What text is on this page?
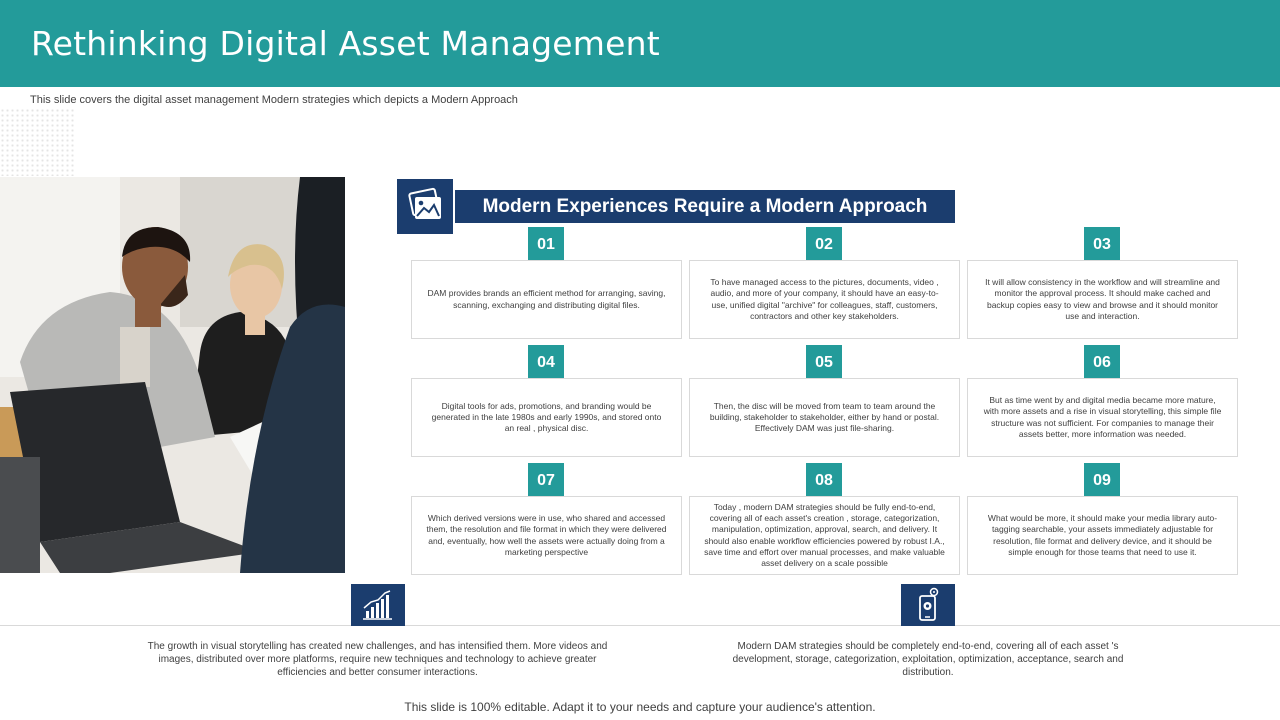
Rethinking Digital Asset Management
This slide covers the digital asset management Modern strategies which depicts a Modern Approach
Modern Experiences Require a Modern Approach
01
DAM provides brands an efficient method for arranging, saving, scanning, exchanging and distributing digital files.
02
To have managed access to the pictures, documents, video , audio, and more of your company, it should have an easy-to-use, unified digital "archive" for colleagues, staff, customers, contractors and other key stakeholders.
03
It will allow consistency in the workflow and will streamline and monitor the approval process. It should make cached and backup copies easy to view and browse and it should monitor use and interaction.
04
Digital tools for ads, promotions, and branding would be generated in the late 1980s and early 1990s, and stored onto an real , physical disc.
05
Then, the disc will be moved from team to team around the building, stakeholder to stakeholder, either by hand or postal. Effectively DAM was just file-sharing.
06
But as time went by and digital media became more mature, with more assets and a rise in visual storytelling, this simple file structure was not sufficient. For companies to manage their assets better, more information was needed.
07
Which derived versions were in use, who shared and accessed them, the resolution and file format in which they were delivered and, eventually, how well the assets were actually doing from a marketing perspective
08
Today , modern DAM strategies should be fully end-to-end, covering all of each asset's creation , storage, categorization, manipulation, optimization, approval, search, and delivery. It should also enable workflow efficiencies powered by robust I.A., save time and effort over manual processes, and make valuable asset delivery on a scale possible
09
What would be more, it should make your media library auto-tagging searchable, your assets immediately adjustable for resolution, file format and delivery device, and it should be simple enough for those teams that need to use it.
The growth in visual storytelling has created new challenges, and has intensified them. More videos and images, distributed over more platforms, require new techniques and technology to achieve greater efficiencies and better consumer interactions.
Modern DAM strategies should be completely end-to-end, covering all of each asset 's development, storage, categorization, exploitation, optimization, acceptance, search and distribution.
This slide is 100% editable. Adapt it to your needs and capture your audience's attention.
